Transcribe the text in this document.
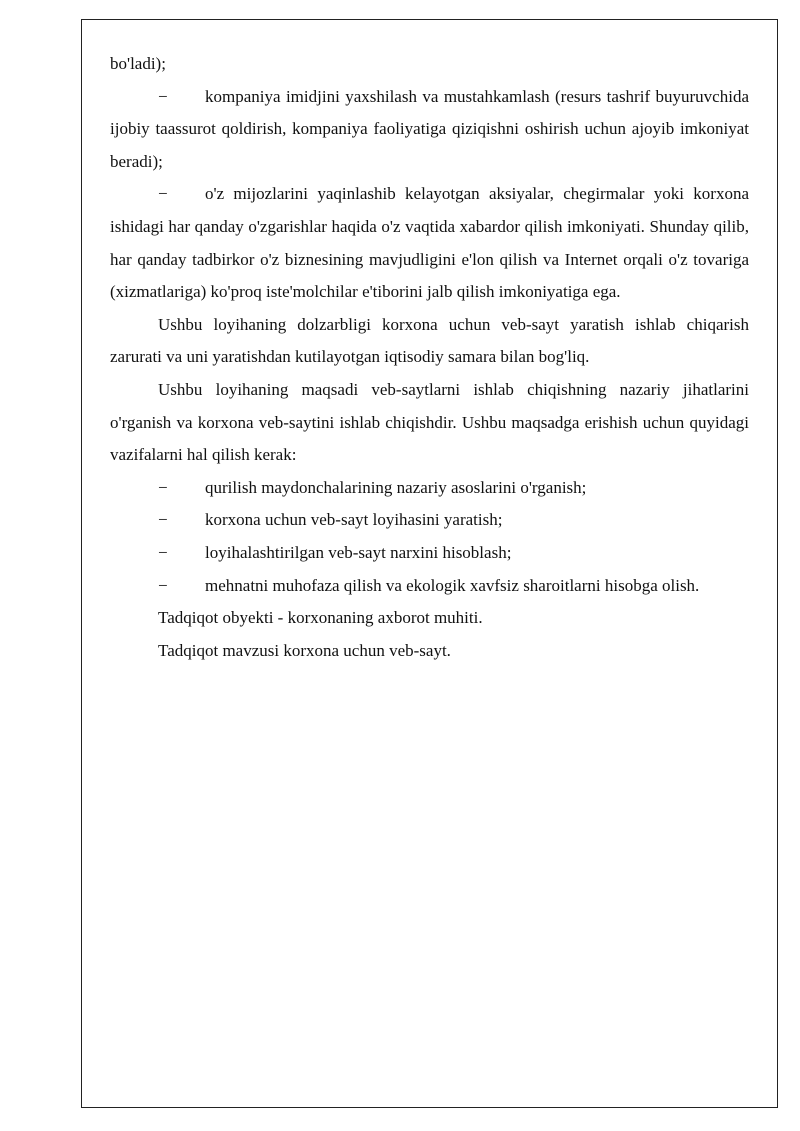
bo'ladi);

− kompaniya imidjini yaxshilash va mustahkamlash (resurs tashrif buyuruvchida ijobiy taassurot qoldirish, kompaniya faoliyatiga qiziqishni oshirish uchun ajoyib imkoniyat beradi);

− o'z mijozlarini yaqinlashib kelayotgan aksiyalar, chegirmalar yoki korxona ishidagi har qanday o'zgarishlar haqida o'z vaqtida xabardor qilish imkoniyati. Shunday qilib, har qanday tadbirkor o'z biznesining mavjudligini e'lon qilish va Internet orqali o'z tovariga (xizmatlariga) ko'proq iste'molchilar e'tiborini jalb qilish imkoniyatiga ega.

Ushbu loyihaning dolzarbligi korxona uchun veb-sayt yaratish ishlab chiqarish zarurati va uni yaratishdan kutilayotgan iqtisodiy samara bilan bog'liq.

Ushbu loyihaning maqsadi veb-saytlarni ishlab chiqishning nazariy jihatlarini o'rganish va korxona veb-saytini ishlab chiqishdir. Ushbu maqsadga erishish uchun quyidagi vazifalarni hal qilish kerak:

− qurilish maydonchalarining nazariy asoslarini o'rganish;

− korxona uchun veb-sayt loyihasini yaratish;

− loyihalashtirilgan veb-sayt narxini hisoblash;

− mehnatni muhofaza qilish va ekologik xavfsiz sharoitlarni hisobga olish.

Tadqiqot obyekti - korxonaning axborot muhiti.

Tadqiqot mavzusi korxona uchun veb-sayt.
